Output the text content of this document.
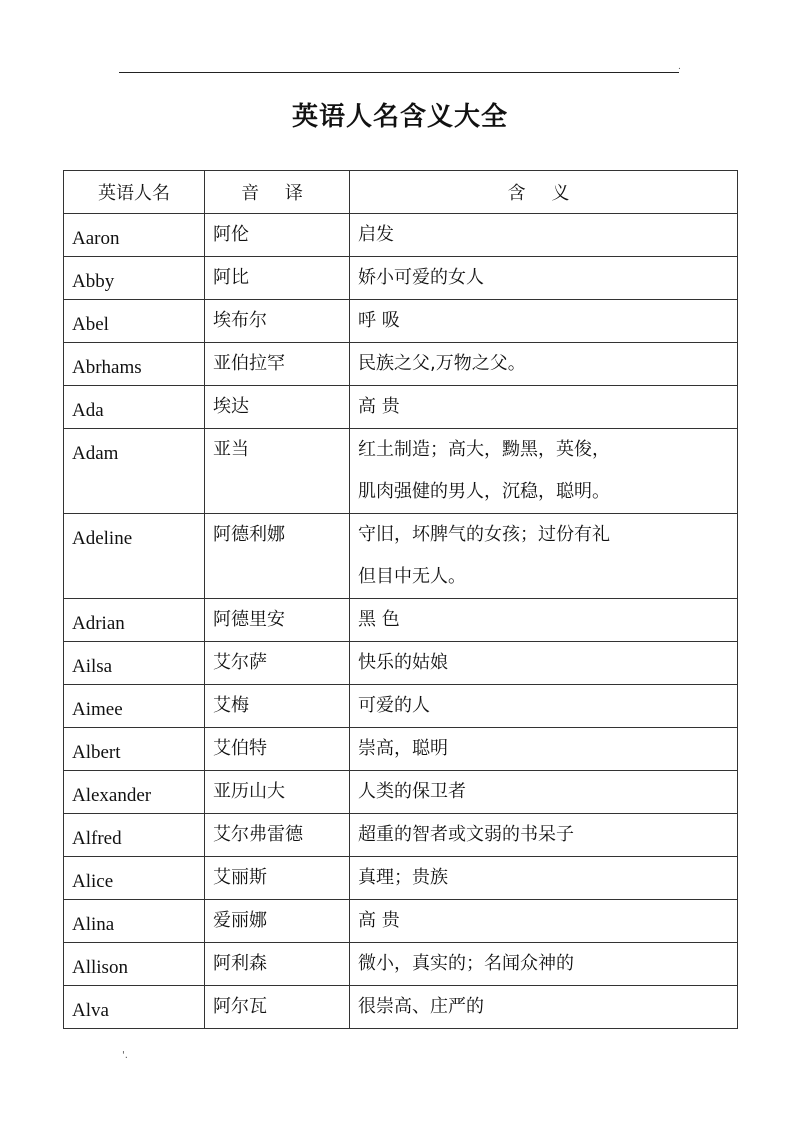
.
英语人名含义大全
英语人名	音 译	含 义

Aaron	阿伦	启发

Abby	阿比	娇小可爱的女人

Abel	埃布尔	呼 吸

Abrhams	亚伯拉罕	民族之父,万物之父。

Ada	埃达	高 贵

Adam	亚当	红土制造；高大，黝黑，英俊，
肌肉强健的男人，沉稳，聪明。

Adeline	阿德利娜	守旧，坏脾气的女孩；过份有礼
但目中无人。

Adrian	阿德里安	黑 色

Ailsa	艾尔萨	快乐的姑娘

Aimee	艾梅	可爱的人

Albert	艾伯特	崇高，聪明

Alexander	亚历山大	人类的保卫者

Alfred	艾尔弗雷德	超重的智者或文弱的书呆子

Alice	艾丽斯	真理；贵族

Alina	爱丽娜	高 贵

Allison	阿利森	微小，真实的；名闻众神的

Alva	阿尔瓦	很崇高、庄严的
'.
